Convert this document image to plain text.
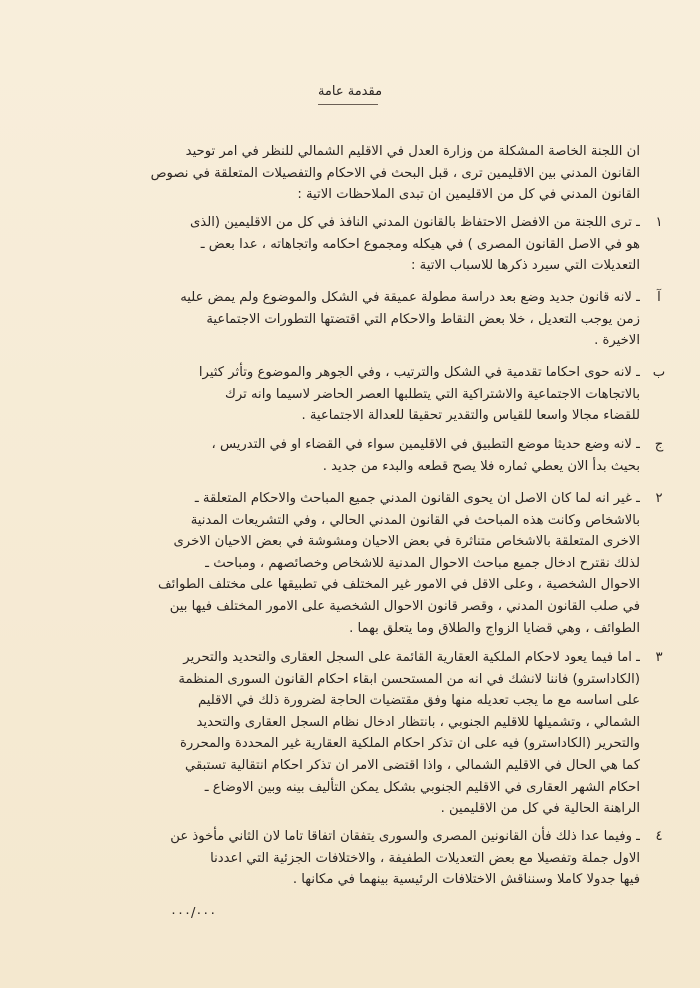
مقدمة عامة
ان اللجنة الخاصة المشكلة من وزارة العدل في الاقليم الشمالي للنظر في امر توحيد
القانون المدني بين الاقليمين ترى ، قبل البحث في الاحكام والتفصيلات المتعلقة في نصوص
القانون المدني في كل من الاقليمين ان تبدى الملاحظات الاتية :
١
ـ ترى اللجنة من الافضل الاحتفاظ بالقانون المدني النافذ في كل من الاقليمين (الذى
هو في الاصل القانون المصرى ) في هيكله ومجموع احكامه واتجاهاته ، عدا بعض ـ
التعديلات التي سيرد ذكرها للاسباب الاتية :
آ
ـ لانه قانون جديد وضع بعد دراسة مطولة عميقة في الشكل والموضوع ولم يمض عليه
زمن يوجب التعديل ، خلا بعض النقاط والاحكام التي اقتضتها التطورات الاجتماعية
الاخيرة .
ب
ـ لانه حوى احكاما تقدمية في الشكل والترتيب ، وفي الجوهر والموضوع وتأثر كثيرا
بالاتجاهات الاجتماعية والاشتراكية التي يتطلبها العصر الحاضر لاسيما وانه ترك
للقضاء مجالا واسعا للقياس والتقدير تحقيقا للعدالة الاجتماعية .
ج
ـ لانه وضع حديثا موضع التطبيق في الاقليمين سواء في القضاء او في التدريس ،
بحيث بدأ الان يعطي ثماره فلا يصح قطعه والبدء من جديد .
٢
ـ غير انه لما كان الاصل ان يحوى القانون المدني جميع المباحث والاحكام المتعلقة ـ
بالاشخاص وكانت هذه المباحث في القانون المدني الحالي ، وفي التشريعات المدنية
الاخرى المتعلقة بالاشخاص متناثرة في بعض الاحيان ومشوشة في بعض الاحيان الاخرى
لذلك نقترح ادخال جميع مباحث الاحوال المدنية للاشخاص وخصائصهم ، ومباحث ـ
الاحوال الشخصية ، وعلى الاقل في الامور غير المختلف في تطبيقها على مختلف الطوائف
في صلب القانون المدني ، وقصر قانون الاحوال الشخصية على الامور المختلف فيها بين
الطوائف ، وهي قضايا الزواج والطلاق وما يتعلق بهما .
٣
ـ اما فيما يعود لاحكام الملكية العقارية القائمة على السجل العقارى والتحديد والتحرير
(الكاداسترو) فاننا لانشك في انه من المستحسن ابقاء احكام القانون السورى المنظمة
على اساسه مع ما يجب تعديله منها وفق مقتضيات الحاجة لضرورة ذلك في الاقليم
الشمالي ، وتشميلها للاقليم الجنوبي ، بانتظار ادخال نظام السجل العقارى والتحديد
والتحرير (الكاداسترو) فيه على ان تذكر احكام الملكية العقارية غير المحددة والمحررة
كما هي الحال في الاقليم الشمالي ، واذا اقتضى الامر ان تذكر احكام انتقالية تستبقي
احكام الشهر العقارى في الاقليم الجنوبي بشكل يمكن التأليف بينه وبين الاوضاع ـ
الراهنة الحالية في كل من الاقليمين .
٤
ـ وفيما عدا ذلك فأن القانونين المصرى والسورى يتفقان اتفاقا تاما لان الثاني مأخوذ عن
الاول جملة وتفصيلا مع بعض التعديلات الطفيفة ، والاختلافات الجزئية التي اعددنا
فيها جدولا كاملا وسنناقش الاختلافات الرئيسية بينهما في مكانها .
٠٠٠/٠٠٠
